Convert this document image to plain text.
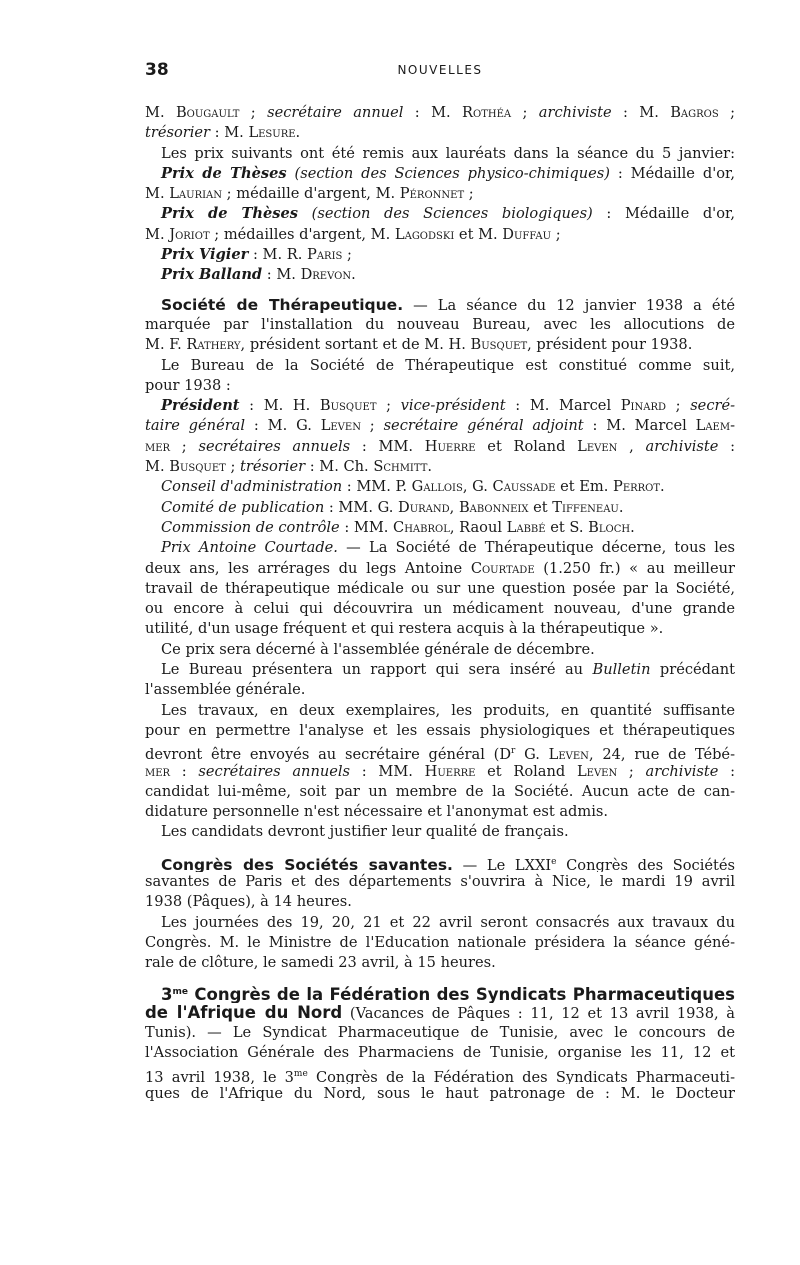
38	NOUVELLES
M. Bougault ; secrétaire annuel : M. Rothéa ; archiviste : M. Bagros ;
trésorier : M. Lesure.
Les prix suivants ont été remis aux lauréats dans la séance du 5 janvier:
Prix de Thèses (section des Sciences physico-chimiques) : Médaille d'or,
M. Laurian ; médaille d'argent, M. Péronnet ;
Prix de Thèses (section des Sciences biologiques) : Médaille d'or,
M. Joriot ; médailles d'argent, M. Lagodski et M. Duffau ;
Prix Vigier : M. R. Paris ;
Prix Balland : M. Drevon.
Société de Thérapeutique. — La séance du 12 janvier 1938 a été
marquée par l'installation du nouveau Bureau, avec les allocutions de
M. F. Rathery, président sortant et de M. H. Busquet, président pour 1938.
Le Bureau de la Société de Thérapeutique est constitué comme suit,
pour 1938 :
Président : M. H. Busquet ; vice-président : M. Marcel Pinard ; secré-
taire général : M. G. Leven ; secrétaire général adjoint : M. Marcel Laem-
mer ; secrétaires annuels : MM. Huerre et Roland Leven , archiviste :
M. Busquet ; trésorier : M. Ch. Schmitt.
Conseil d'administration : MM. P. Gallois, G. Caussade et Em. Perrot.
Comité de publication : MM. G. Durand, Babonneix et Tiffeneau.
Commission de contrôle : MM. Chabrol, Raoul Labbé et S. Bloch.
Prix Antoine Courtade. — La Société de Thérapeutique décerne, tous les
deux ans, les arrérages du legs Antoine Courtade (1.250 fr.) « au meilleur
travail de thérapeutique médicale ou sur une question posée par la Société,
ou encore à celui qui découvrira un médicament nouveau, d'une grande
utilité, d'un usage fréquent et qui restera acquis à la thérapeutique ».
Ce prix sera décerné à l'assemblée générale de décembre.
Le Bureau présentera un rapport qui sera inséré au Bulletin précédant
l'assemblée générale.
Les travaux, en deux exemplaires, les produits, en quantité suffisante
pour en permettre l'analyse et les essais physiologiques et thérapeutiques
devront être envoyés au secrétaire général ($D^r$ G. Leven, 24, rue de Tébé-
mer : secrétaires annuels : MM. Huerre et Roland Leven ; archiviste :
candidat lui-même, soit par un membre de la Société. Aucun acte de can-
didature personnelle n'est nécessaire et l'anonymat est admis.
Les candidats devront justifier leur qualité de français.
Congrès des Sociétés savantes. — Le LXXIe Congrès des Sociétés
savantes de Paris et des départements s'ouvrira à Nice, le mardi 19 avril
1938 (Pâques), à 14 heures.
Les journées des 19, 20, 21 et 22 avril seront consacrés aux travaux du
Congrès. M. le Ministre de l'Education nationale présidera la séance géné-
rale de clôture, le samedi 23 avril, à 15 heures.
$3^{me}$ Congrès de la Fédération des Syndicats Pharmaceutiques
de l'Afrique du Nord (Vacances de Pâques : 11, 12 et 13 avril 1938, à
Tunis). — Le Syndicat Pharmaceutique de Tunisie, avec le concours de
l'Association Générale des Pharmaciens de Tunisie, organise les 11, 12 et
13 avril 1938, le $3^{me}$ Congrès de la Fédération des Syndicats Pharmaceuti-
ques de l'Afrique du Nord, sous le haut patronage de : M. le Docteur
